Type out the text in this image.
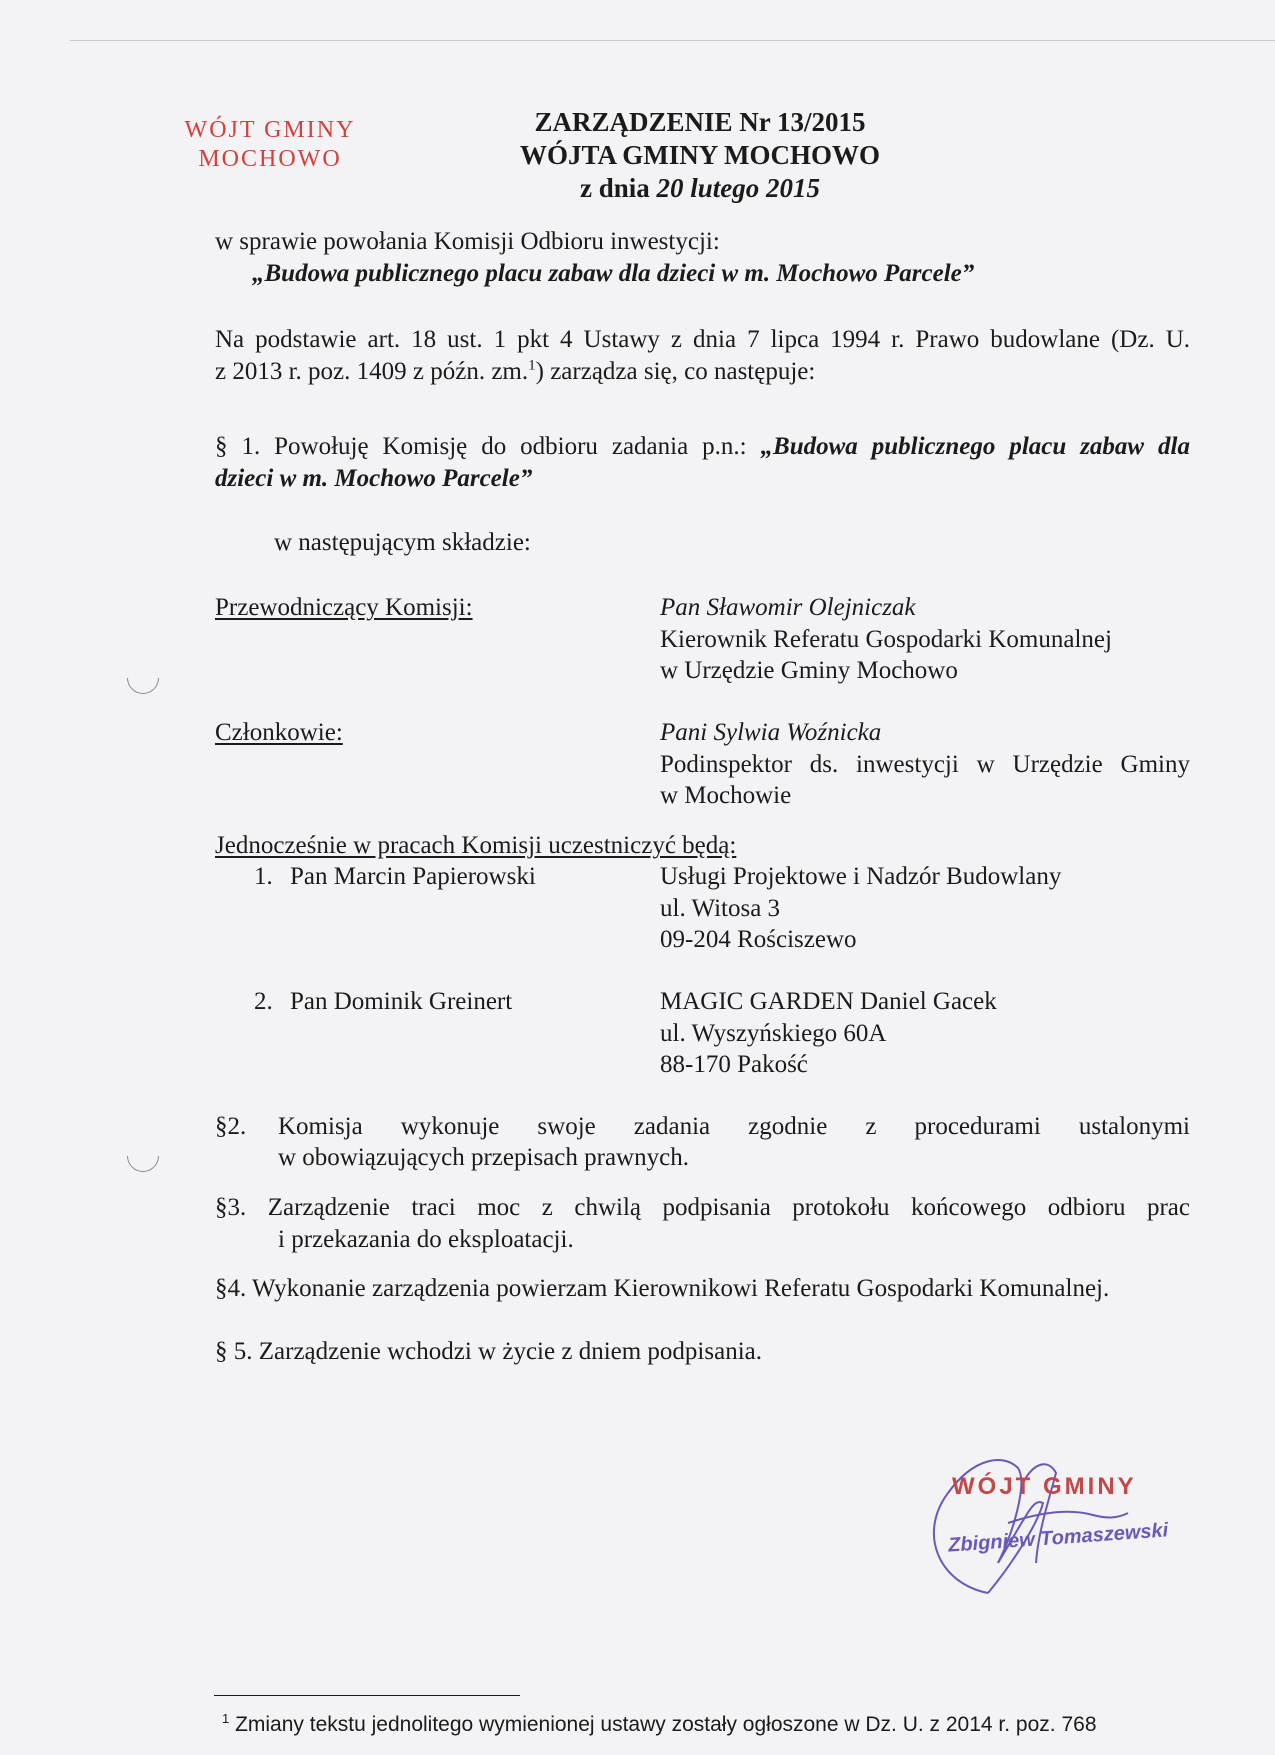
WÓJT GMINY
MOCHOWO
ZARZĄDZENIE Nr 13/2015
WÓJTA GMINY MOCHOWO
z dnia 20 lutego 2015
w sprawie powołania Komisji Odbioru inwestycji:
„Budowa publicznego placu zabaw dla dzieci w m. Mochowo Parcele”
Na podstawie art. 18 ust. 1 pkt 4 Ustawy z dnia 7 lipca 1994 r. Prawo budowlane (Dz. U.
z 2013 r. poz. 1409 z późn. zm.$^1$) zarządza się, co następuje:
§ 1. Powołuję Komisję do odbioru zadania p.n.: „Budowa publicznego placu zabaw dla
dzieci w m. Mochowo Parcele”
w następującym składzie:
Przewodniczący Komisji:	Pan Sławomir Olejniczak
Kierownik Referatu Gospodarki Komunalnej
w Urzędzie Gminy Mochowo
Członkowie:	Pani Sylwia Woźnicka
Podinspektor ds. inwestycji w Urzędzie Gminy
w Mochowie
Jednocześnie w pracach Komisji uczestniczyć będą:
1. Pan Marcin Papierowski	Usługi Projektowe i Nadzór Budowlany
ul. Witosa 3
09-204 Rościszewo
2. Pan Dominik Greinert	MAGIC GARDEN Daniel Gacek
ul. Wyszyńskiego 60A
88-170 Pakość
§2. Komisja wykonuje swoje zadania zgodnie z procedurami ustalonymi
w obowiązujących przepisach prawnych.
§3. Zarządzenie traci moc z chwilą podpisania protokołu końcowego odbioru prac
i przekazania do eksploatacji.
§4. Wykonanie zarządzenia powierzam Kierownikowi Referatu Gospodarki Komunalnej.
§ 5. Zarządzenie wchodzi w życie z dniem podpisania.
WÓJT GMINY
Zbigniew Tomaszewski
$^1$ Zmiany tekstu jednolitego wymienionej ustawy zostały ogłoszone w Dz. U. z 2014 r. poz. 768
